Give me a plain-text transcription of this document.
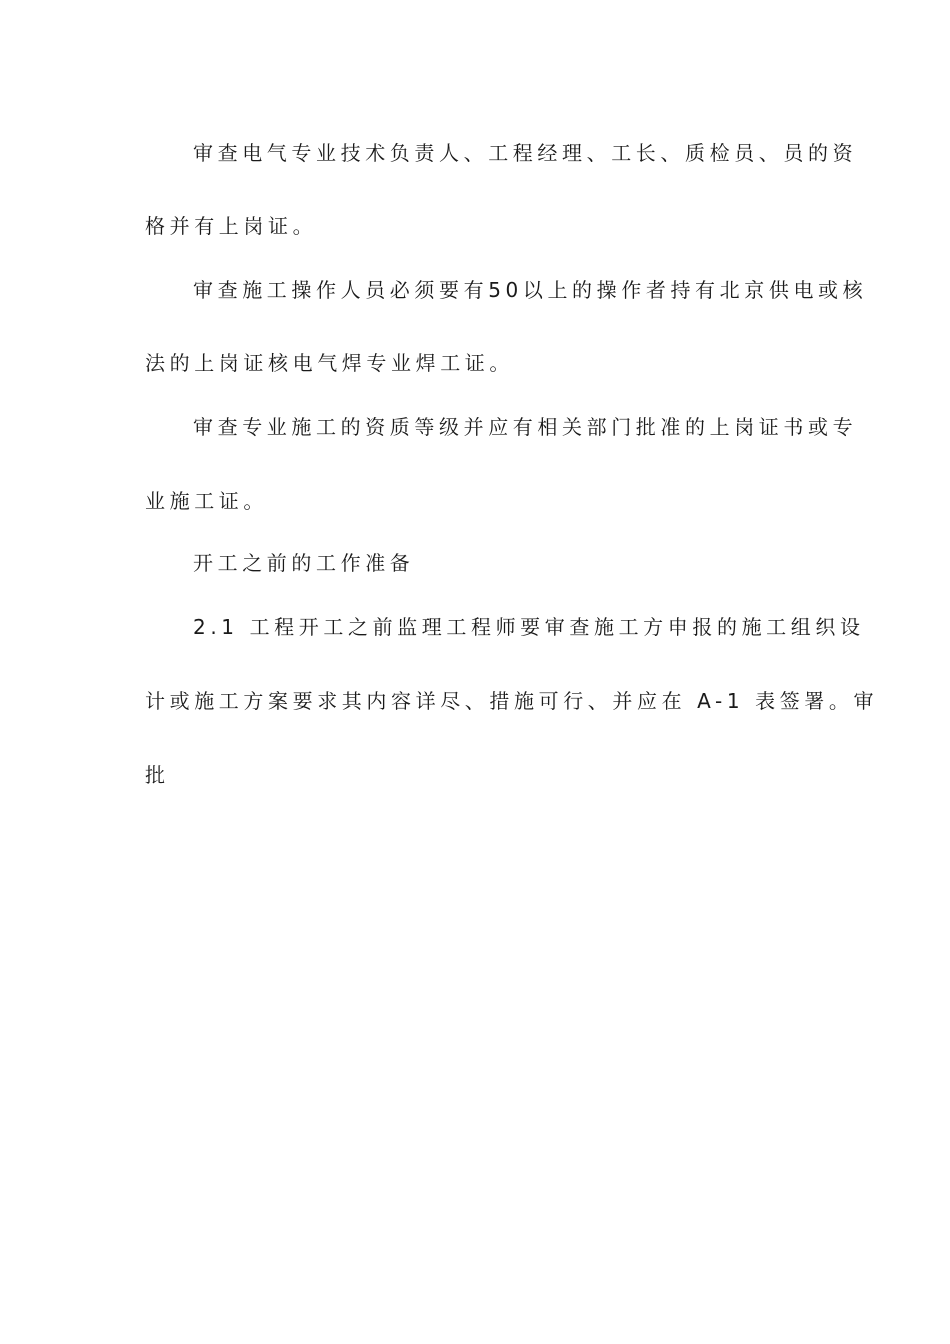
审查电气专业技术负责人、工程经理、工长、质检员、员的资
格并有上岗证。
审查施工操作人员必须要有50以上的操作者持有北京供电或核
法的上岗证核电气焊专业焊工证。
审查专业施工的资质等级并应有相关部门批准的上岗证书或专
业施工证。
开工之前的工作准备
2.1 工程开工之前监理工程师要审查施工方申报的施工组织设
计或施工方案要求其内容详尽、措施可行、并应在 A-1 表签署。审
批
